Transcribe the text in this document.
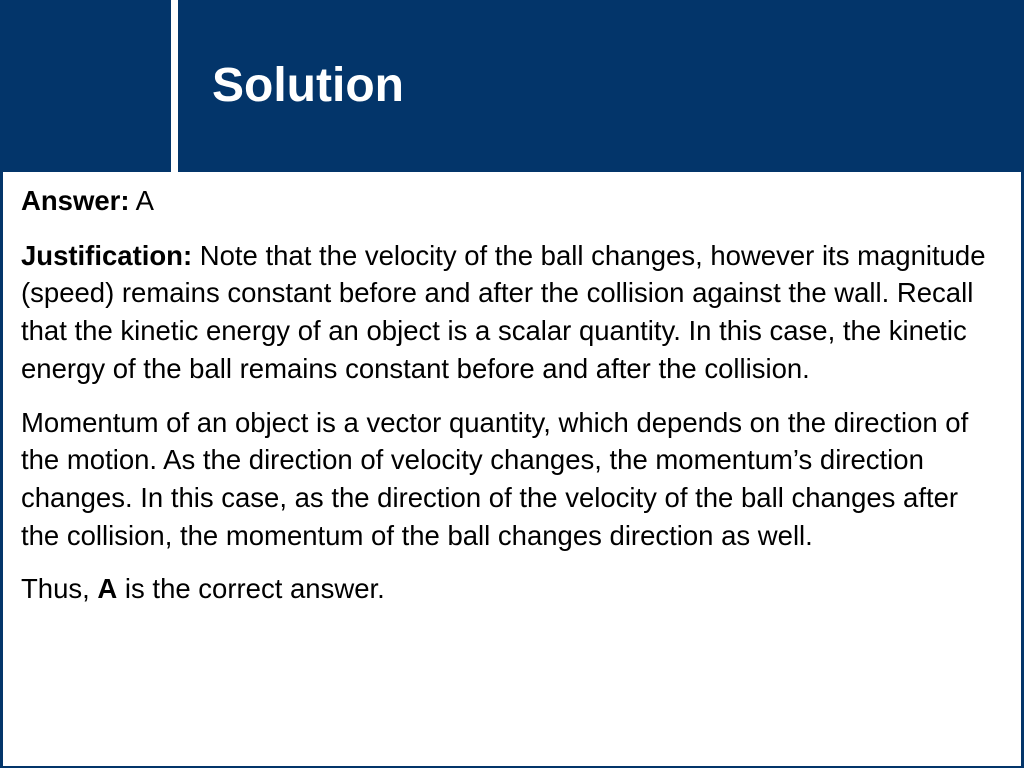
Solution

Answer: A

Justification: Note that the velocity of the ball changes, however its magnitude (speed) remains constant before and after the collision against the wall. Recall that the kinetic energy of an object is a scalar quantity. In this case, the kinetic energy of the ball remains constant before and after the collision.

Momentum of an object is a vector quantity, which depends on the direction of the motion. As the direction of velocity changes, the momentum’s direction changes. In this case, as the direction of the velocity of the ball changes after the collision, the momentum of the ball changes direction as well.

Thus, A is the correct answer.
